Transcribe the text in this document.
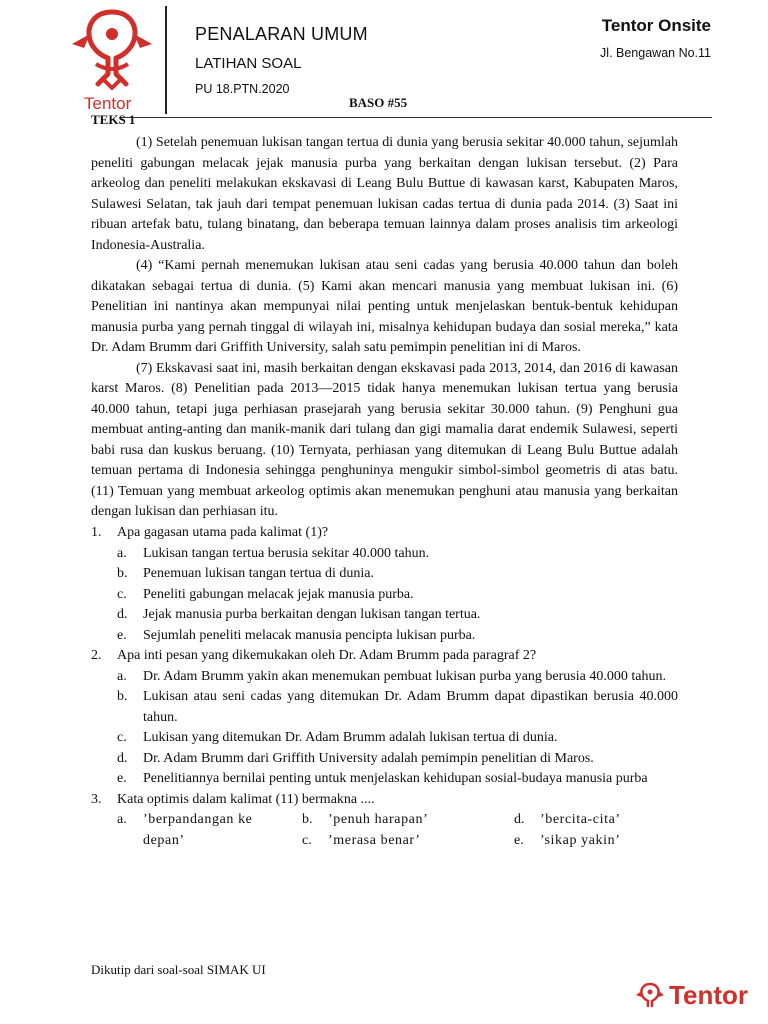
Tentor
PENALARAN UMUM
LATIHAN SOAL
PU 18.PTN.2020
BASO #55
Tentor Onsite
Jl. Bengawan No.11
TEKS 1

(1) Setelah penemuan lukisan tangan tertua di dunia yang berusia sekitar 40.000 tahun, sejumlah peneliti gabungan melacak jejak manusia purba yang berkaitan dengan lukisan tersebut. (2) Para arkeolog dan peneliti melakukan ekskavasi di Leang Bulu Buttue di kawasan karst, Kabupaten Maros, Sulawesi Selatan, tak jauh dari tempat penemuan lukisan cadas tertua di dunia pada 2014. (3) Saat ini ribuan artefak batu, tulang binatang, dan beberapa temuan lainnya dalam proses analisis tim arkeologi Indonesia-Australia.

(4) “Kami pernah menemukan lukisan atau seni cadas yang berusia 40.000 tahun dan boleh dikatakan sebagai tertua di dunia. (5) Kami akan mencari manusia yang membuat lukisan ini. (6) Penelitian ini nantinya akan mempunyai nilai penting untuk menjelaskan bentuk-bentuk kehidupan manusia purba yang pernah tinggal di wilayah ini, misalnya kehidupan budaya dan sosial mereka,” kata Dr. Adam Brumm dari Griffith University, salah satu pemimpin penelitian ini di Maros.

(7) Ekskavasi saat ini, masih berkaitan dengan ekskavasi pada 2013, 2014, dan 2016 di kawasan karst Maros. (8) Penelitian pada 2013—2015 tidak hanya menemukan lukisan tertua yang berusia 40.000 tahun, tetapi juga perhiasan prasejarah yang berusia sekitar 30.000 tahun. (9) Penghuni gua membuat anting-anting dan manik-manik dari tulang dan gigi mamalia darat endemik Sulawesi, seperti babi rusa dan kuskus beruang. (10) Ternyata, perhiasan yang ditemukan di Leang Bulu Buttue adalah temuan pertama di Indonesia sehingga penghuninya mengukir simbol-simbol geometris di atas batu. (11) Temuan yang membuat arkeolog optimis akan menemukan penghuni atau manusia yang berkaitan dengan lukisan dan perhiasan itu.

1.	Apa gagasan utama pada kalimat (1)?
a.	Lukisan tangan tertua berusia sekitar 40.000 tahun.
b.	Penemuan lukisan tangan tertua di dunia.
c.	Peneliti gabungan melacak jejak manusia purba.
d.	Jejak manusia purba berkaitan dengan lukisan tangan tertua.
e.	Sejumlah peneliti melacak manusia pencipta lukisan purba.
2.	Apa inti pesan yang dikemukakan oleh Dr. Adam Brumm pada paragraf 2?
a.	Dr. Adam Brumm yakin akan menemukan pembuat lukisan purba yang berusia 40.000 tahun.
b.	Lukisan atau seni cadas yang ditemukan Dr. Adam Brumm dapat dipastikan berusia 40.000 tahun.
c.	Lukisan yang ditemukan Dr. Adam Brumm adalah lukisan tertua di dunia.
d.	Dr. Adam Brumm dari Griffith University adalah pemimpin penelitian di Maros.
e.	Penelitiannya bernilai penting untuk menjelaskan kehidupan sosial-budaya manusia purba
3.	Kata optimis dalam kalimat (11) bermakna ....
a.	’berpandangan ke depan’
b.	’penuh harapan’	d.	’bercita-cita’
c.	’merasa benar’	e.	’sikap yakin’
Dikutip dari soal-soal SIMAK UI
Tentor
